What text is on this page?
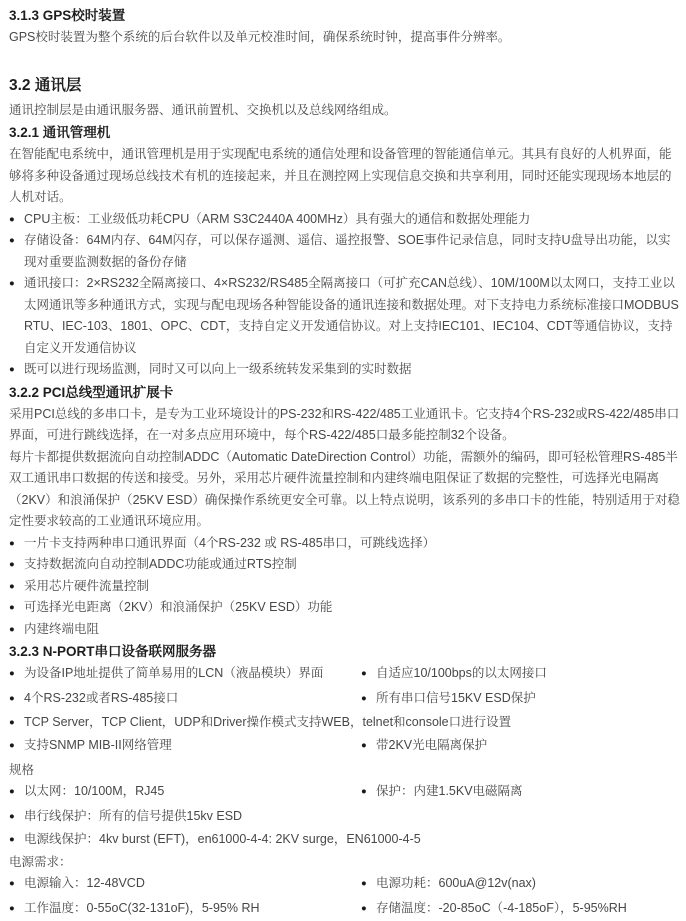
3.1.3 GPS校时装置

GPS校时装置为整个系统的后台软件以及单元校准时间，确保系统时钟，提高事件分辨率。

3.2 通讯层

通讯控制层是由通讯服务器、通讯前置机、交换机以及总线网络组成。

3.2.1 通讯管理机

在智能配电系统中，通讯管理机是用于实现配电系统的通信处理和设备管理的智能通信单元。其具有良好的人机界面，能够将多种设备通过现场总线技术有机的连接起来，并且在测控网上实现信息交换和共享利用，同时还能实现现场本地层的人机对话。

● CPU主板：工业级低功耗CPU（ARM S3C2440A 400MHz）具有强大的通信和数据处理能力
● 存储设备：64M内存、64M闪存，可以保存遥测、遥信、遥控报警、SOE事件记录信息，同时支持U盘导出功能，以实现对重要监测数据的备份存储
● 通讯接口：2×RS232全隔离接口、4×RS232/RS485全隔离接口（可扩充CAN总线）、10M/100M以太网口，支持工业以太网通讯等多种通讯方式，实现与配电现场各种智能设备的通讯连接和数据处理。对下支持电力系统标准接口MODBUS RTU、IEC-103、1801、OPC、CDT，支持自定义开发通信协议。对上支持IEC101、IEC104、CDT等通信协议，支持自定义开发通信协议
● 既可以进行现场监测，同时又可以向上一级系统转发采集到的实时数据
3.2.2 PCI总线型通讯扩展卡

采用PCI总线的多串口卡，是专为工业环境设计的PS-232和RS-422/485工业通讯卡。它支持4个RS-232或RS-422/485串口界面，可进行跳线选择，在一对多点应用环境中，每个RS-422/485口最多能控制32个设备。

每片卡都提供数据流向自动控制ADDC（Automatic DateDirection Control）功能，需额外的编码，即可轻松管理RS-485半双工通讯串口数据的传送和接受。另外，采用芯片硬件流量控制和内建终端电阻保证了数据的完整性，可选择光电隔离（2KV）和浪涌保护（25KV ESD）确保操作系统更安全可靠。以上特点说明，该系列的多串口卡的性能，特别适用于对稳定性要求较高的工业通讯环境应用。

● 一片卡支持两种串口通讯界面（4个RS-232 或 RS-485串口，可跳线选择）
● 支持数据流向自动控制ADDC功能或通过RTS控制
● 采用芯片硬件流量控制
● 可选择光电距离（2KV）和浪涌保护（25KV ESD）功能
● 内建终端电阻
3.2.3 N-PORT串口设备联网服务器
● 为设备IP地址提供了简单易用的LCN（液晶模块）界面	● 自适应10/100bps的以太网接口
● 4个RS-232或者RS-485接口	● 所有串口信号15KV ESD保护
● TCP Server，TCP Client，UDP和Driver操作模式支持WEB，telnet和console口进行设置
● 支持SNMP MIB-II网络管理	● 带2KV光电隔离保护

规格

● 以太网：10/100M，RJ45	● 保护：内建1.5KV电磁隔离
● 串行线保护：所有的信号提供15kv ESD
● 电源线保护：4kv burst (EFT)，en61000-4-4: 2KV surge，EN61000-4-5

电源需求：

● 电源输入：12-48VCD	● 电源功耗：600uA@12v(nax)
● 工作温度：0-55oC(32-131oF)，5-95% RH	● 存储温度：-20-85oC（-4-185oF），5-95%RH
